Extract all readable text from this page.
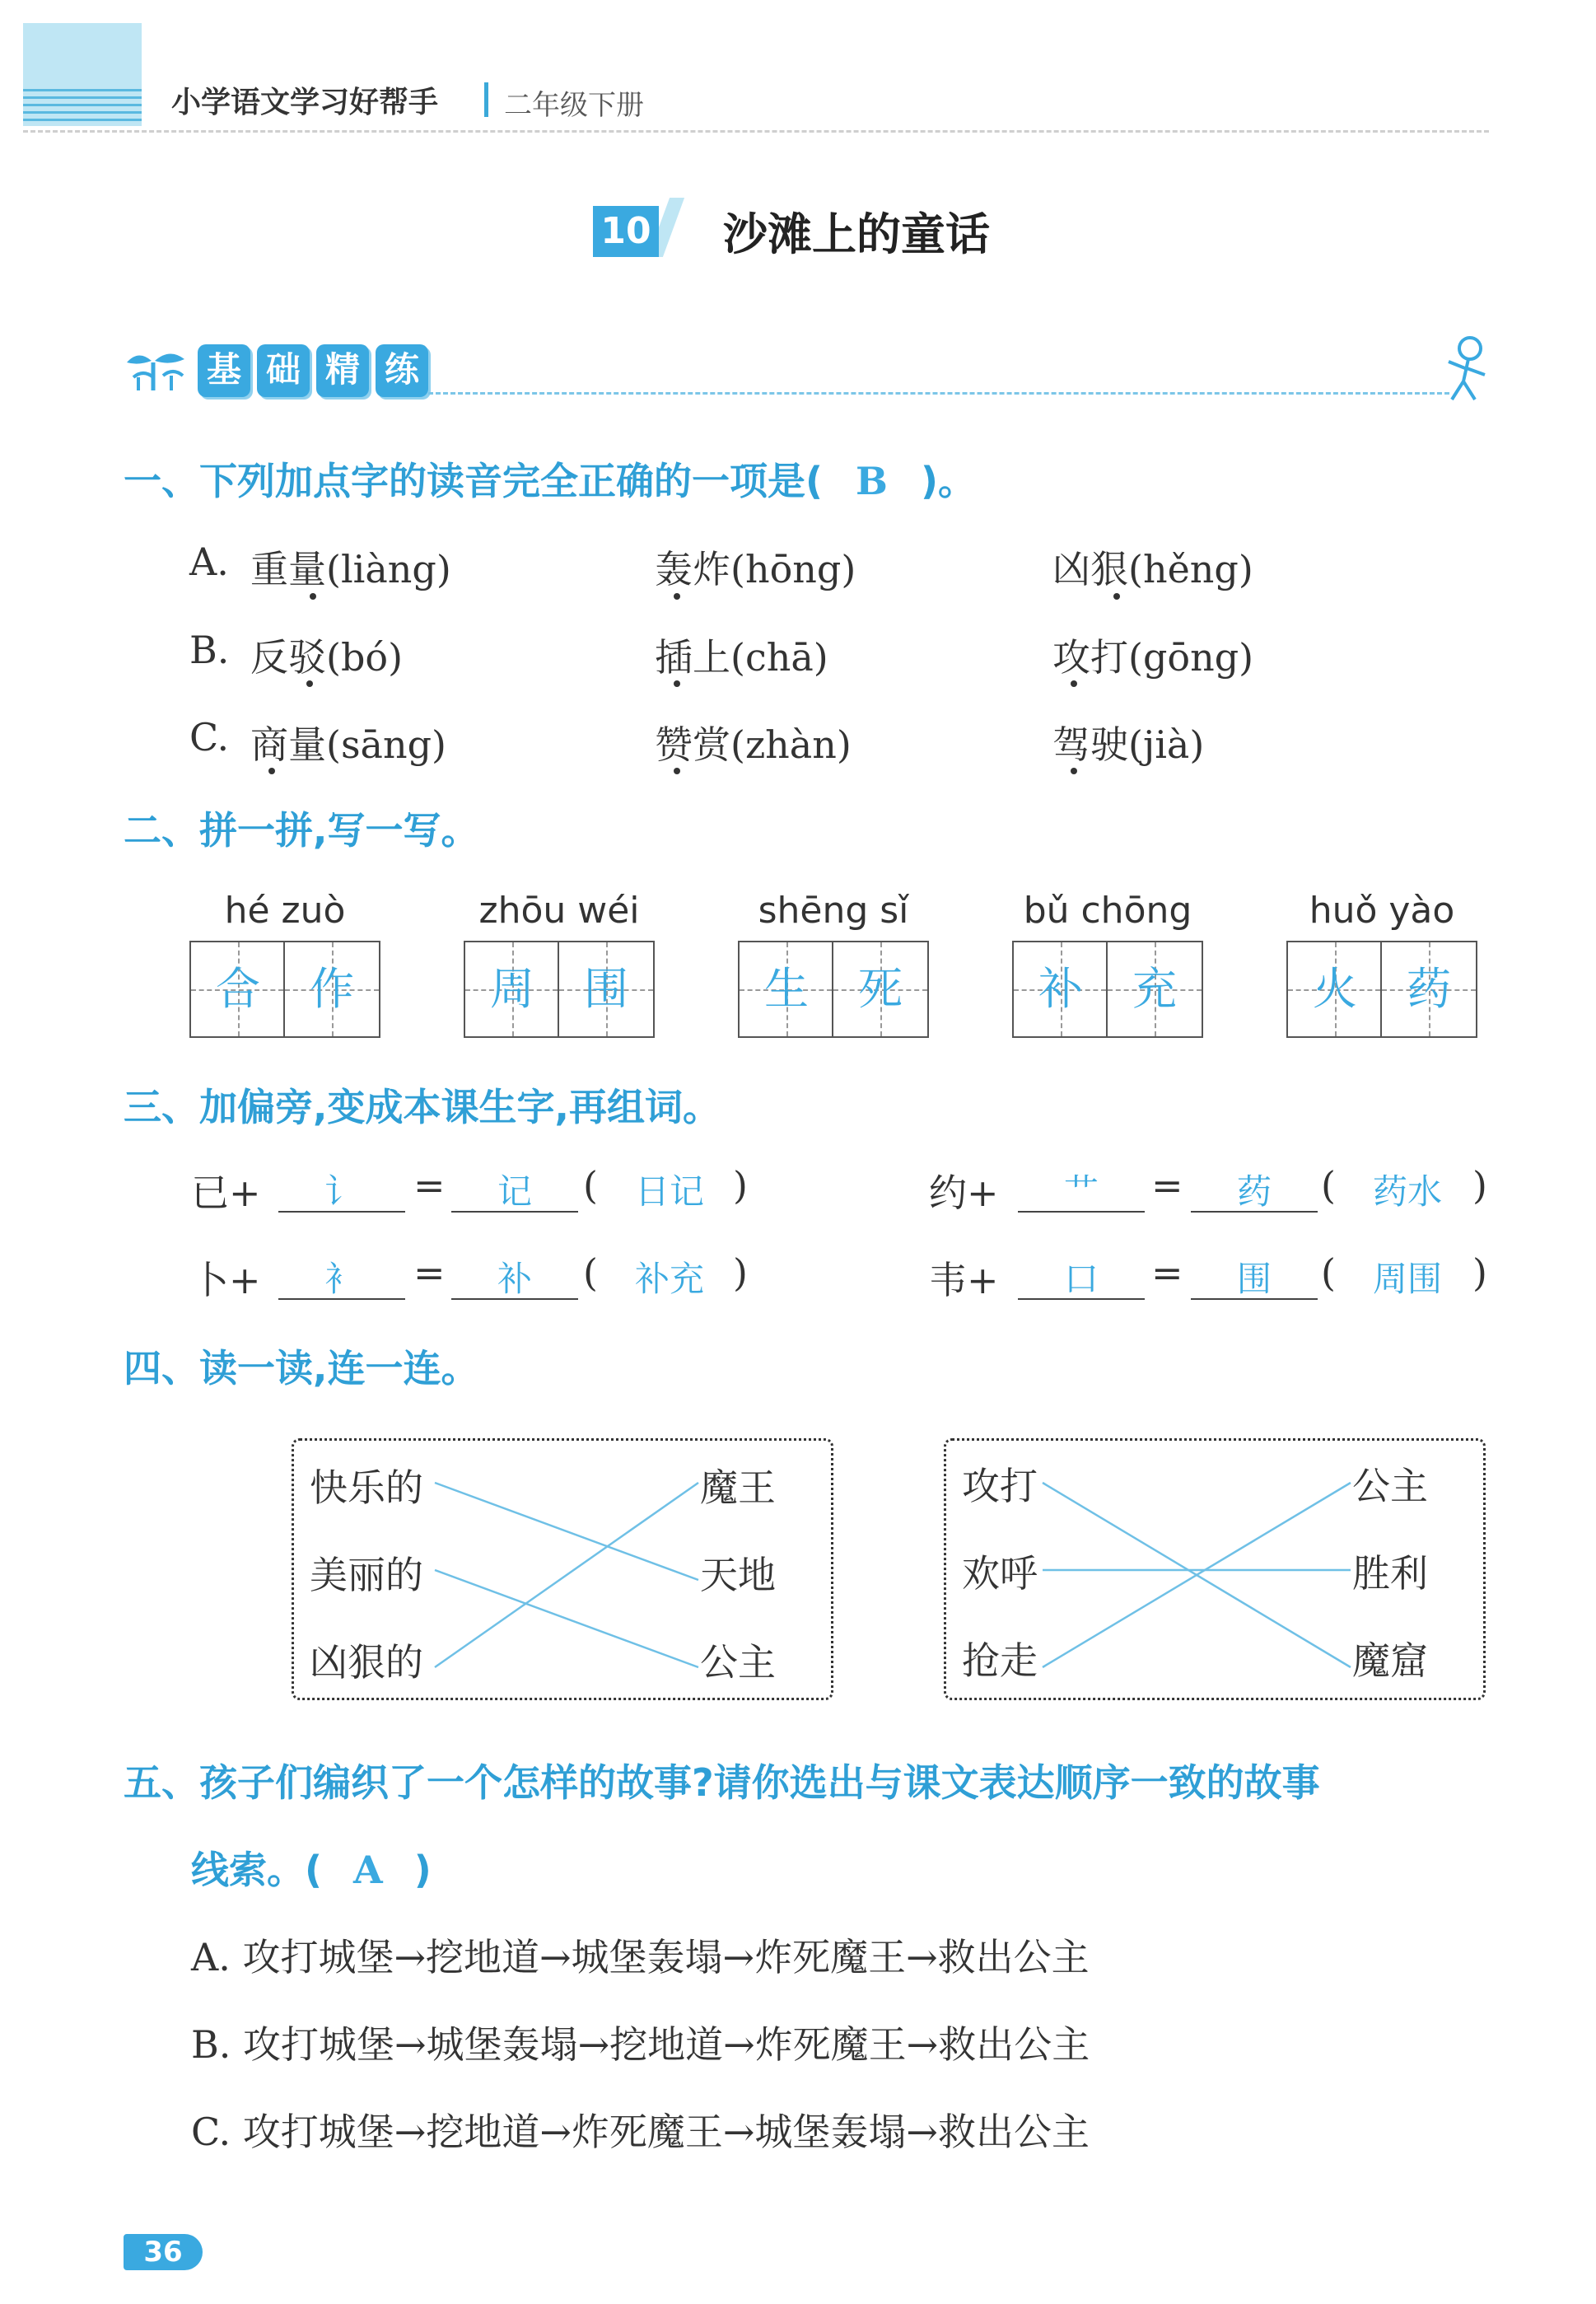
小学语文学习好帮手 二年级下册
10 沙滩上的童话
基 础 精 练
一、下列加点字的读音完全正确的一项是( B )。
A. 重量(liàng)	轰炸(hōng)	凶狠(hěng)
B. 反驳(bó)	插上(chā)	攻打(gōng)
C. 商量(sāng)	赞赏(zhàn)	驾驶(jià)
二、拼一拼,写一写。
hé zuò
合	作
zhōu wéi
周	围
shēng sǐ
生	死
bǔ chōng
补	充
huǒ yào
火	药
三、加偏旁,变成本课生字,再组词。
已+	讠	=	记	(	日记 )	约+	艹	=	药	(	药水 )
卜+	衤	=	补	(	补充 )	韦+	口	=	围	(	周围 )
四、读一读,连一连。
快乐的
美丽的
凶狠的
魔王
天地
公主
攻打
欢呼
抢走
公主
胜利
魔窟
五、孩子们编织了一个怎样的故事?请你选出与课文表达顺序一致的故事
线索。( A )
A. 攻打城堡→挖地道→城堡轰塌→炸死魔王→救出公主
B. 攻打城堡→城堡轰塌→挖地道→炸死魔王→救出公主
C. 攻打城堡→挖地道→炸死魔王→城堡轰塌→救出公主
36
